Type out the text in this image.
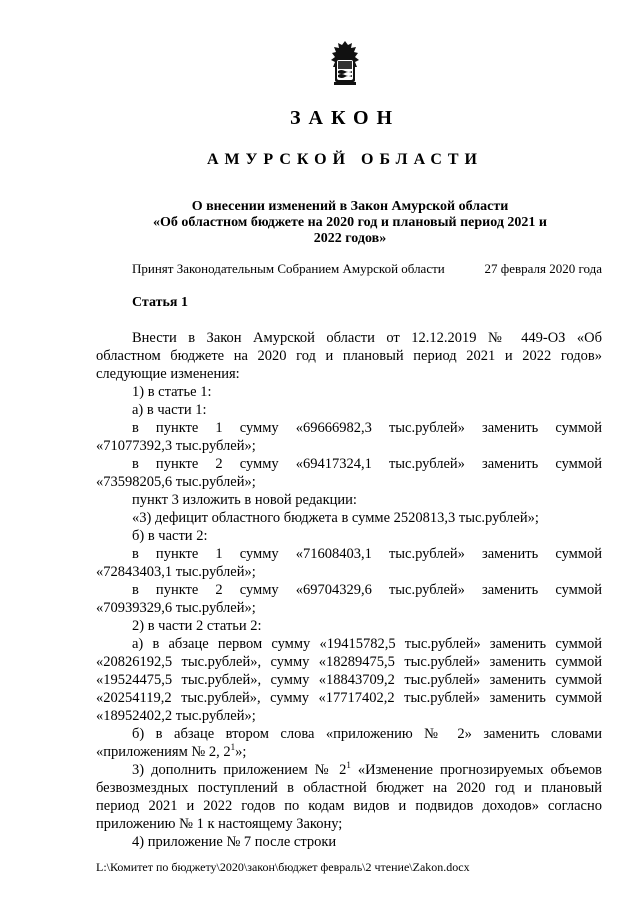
ЗАКОН
АМУРСКОЙ ОБЛАСТИ
О внесении изменений в Закон Амурской области
«Об областном бюджете на 2020 год и плановый период 2021 и
2022 годов»
Принят Законодательным Собранием Амурской области	27 февраля 2020 года
Статья 1

Внести в Закон Амурской области от 12.12.2019 № 449-ОЗ «Об

областном бюджете на 2020 год и плановый период 2021 и 2022 годов»

следующие изменения:

1) в статье 1:

а) в части 1:

в пункте 1 сумму «69666982,3 тыс.рублей» заменить суммой

«71077392,3 тыс.рублей»;

в пункте 2 сумму «69417324,1 тыс.рублей» заменить суммой

«73598205,6 тыс.рублей»;

пункт 3 изложить в новой редакции:

«3) дефицит областного бюджета в сумме 2520813,3 тыс.рублей»;

б) в части 2:

в пункте 1 сумму «71608403,1 тыс.рублей» заменить суммой

«72843403,1 тыс.рублей»;

в пункте 2 сумму «69704329,6 тыс.рублей» заменить суммой

«70939329,6 тыс.рублей»;

2) в части 2 статьи 2:

а) в абзаце первом сумму «19415782,5 тыс.рублей» заменить суммой

«20826192,5 тыс.рублей», сумму «18289475,5 тыс.рублей» заменить суммой

«19524475,5 тыс.рублей», сумму «18843709,2 тыс.рублей» заменить суммой

«20254119,2 тыс.рублей», сумму «17717402,2 тыс.рублей» заменить суммой

«18952402,2 тыс.рублей»;

б) в абзаце втором слова «приложению № 2» заменить словами

«приложениям № 2, $2^1$»;

3) дополнить приложением № $2^1$ «Изменение прогнозируемых объемов

безвозмездных поступлений в областной бюджет на 2020 год и плановый

период 2021 и 2022 годов по кодам видов и подвидов доходов» согласно

приложению № 1 к настоящему Закону;

4) приложение № 7 после строки

L:\Комитет по бюджету\2020\закон\бюджет февраль\2 чтение\Zakon.docx
